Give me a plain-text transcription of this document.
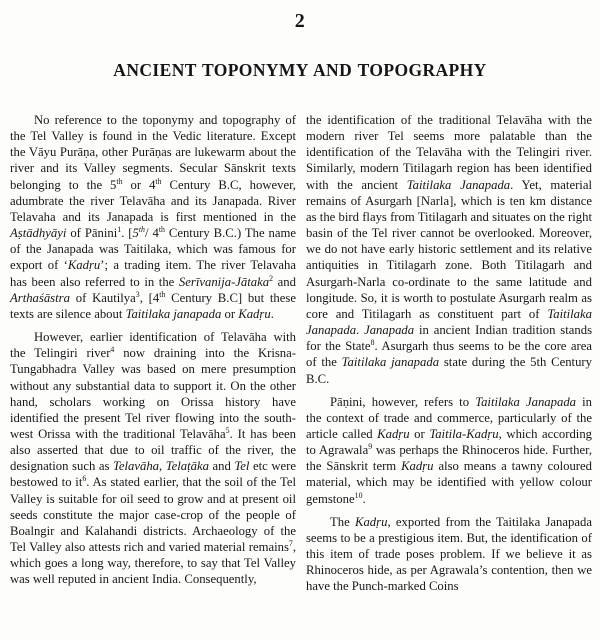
2
ANCIENT TOPONYMY AND TOPOGRAPHY

No reference to the toponymy and topography of the Tel Valley is found in the Vedic literature. Except the Vāyu Purāṇa, other Purāṇas are lukewarm about the river and its Valley segments. Secular Sānskrit texts belonging to the 5th or 4th Century B.C, however, adumbrate the river Telavāha and its Janapada. River Telavaha and its Janapada is first mentioned in the Aṣtādhyāyi of Pānini$^1$. [5th/ 4th Century B.C.) The name of the Janapada was Taitilaka, which was famous for export of ‘Kadṛu’; a trading item. The river Telavaha has been also referred to in the Serīvanija-Jātaka$^2$ and Arthaśāstra of Kautilya$^3$, [4th Century B.C] but these texts are silence about Taitilaka janapada or Kadṛu.

However, earlier identification of Telavāha with the Telingiri river$^4$ now draining into the Krisna-Tungabhadra Valley was based on mere presumption without any substantial data to support it. On the other hand, scholars working on Orissa history have identified the present Tel river flowing into the south-west Orissa with the traditional Telavāha$^5$. It has been also asserted that due to oil traffic of the river, the designation such as Telavāha, Telaṭāka and Tel etc were bestowed to $it^6$. As stated earlier, that the soil of the Tel Valley is suitable for oil seed to grow and at present oil seeds constitute the major case-crop of the people of Boalngir and Kalahandi districts. Archaeology of the Tel Valley also attests rich and varied material remains$^7$, which goes a long way, therefore, to say that Tel Valley was well reputed in ancient India. Consequently,

the identification of the traditional Telavāha with the modern river Tel seems more palatable than the identification of the Telavāha with the Telingiri river. Similarly, modern Titilagarh region has been identified with the ancient Taitilaka Janapada. Yet, material remains of Asurgarh [Narla], which is ten km distance as the bird flays from Titilagarh and situates on the right basin of the Tel river cannot be overlooked. Moreover, we do not have early historic settlement and its relative antiquities in Titilagarh zone. Both Titilagarh and Asurgarh-Narla co-ordinate to the same latitude and longitude. So, it is worth to postulate Asurgarh realm as core and Titilagarh as constituent part of Taitilaka Janapada. Janapada in ancient Indian tradition stands for the State$^8$. Asurgarh thus seems to be the core area of the Taitilaka janapada state during the 5th Century B.C.

Pāṇini, however, refers to Taitilaka Janapada in the context of trade and commerce, particularly of the article called Kadṛu or Taitila-Kadṛu, which according to Agrawala$^9$ was perhaps the Rhinoceros hide. Further, the Sānskrit term Kadṛu also means a tawny coloured material, which may be identified with yellow colour gemstone$^{10}$.

The Kadṛu, exported from the Taitilaka Janapada seems to be a prestigious item. But, the identification of this item of trade poses problem. If we believe it as Rhinoceros hide, as per Agrawala’s contention, then we have the Punch-marked Coins
